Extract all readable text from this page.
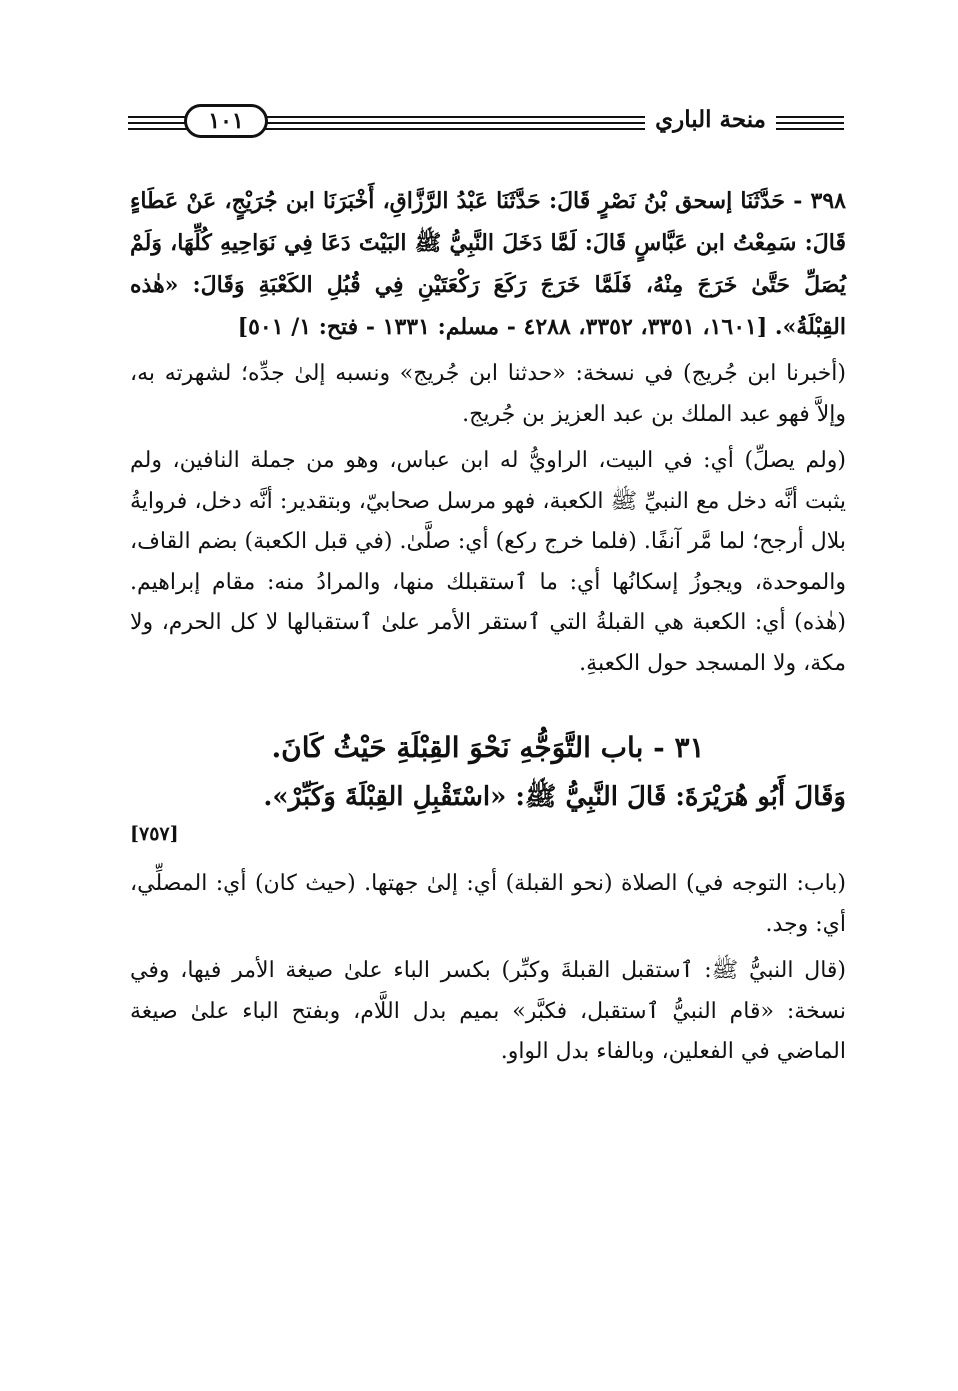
١٠١	منحة الباري

٣٩٨ - حَدَّثَنَا إسحق بْنُ نَصْرٍ قَالَ: حَدَّثَنَا عَبْدُ الرَّزَّاقِ، أَخْبَرَنَا ابن جُرَيْجٍ، عَنْ عَطَاءٍ قَالَ: سَمِعْتُ ابن عَبَّاسٍ قَالَ: لَمَّا دَخَلَ النَّبِيُّ ﷺ البَيْتَ دَعَا فِي نَوَاحِيهِ كُلِّهَا، وَلَمْ يُصَلِّ حَتَّىٰ خَرَجَ مِنْهُ، فَلَمَّا خَرَجَ رَكَعَ رَكْعَتَيْنِ فِي قُبُلِ الكَعْبَةِ وَقَالَ: «هٰذه القِبْلَةُ». [١٦٠١، ٣٣٥١، ٣٣٥٢، ٤٢٨٨ - مسلم: ١٣٣١ - فتح: ١/ ٥٠١]

(أخبرنا ابن جُريج) في نسخة: «حدثنا ابن جُريج» ونسبه إلىٰ جدِّه؛ لشهرته به، وإلاَّ فهو عبد الملك بن عبد العزيز بن جُريج.

(ولم يصلِّ) أي: في البيت، الراويُّ له ابن عباس، وهو من جملة النافين، ولم يثبت أنَّه دخل مع النبيِّ ﷺ الكعبة، فهو مرسل صحابيّ، وبتقدير: أنَّه دخل، فروايةُ بلال أرجح؛ لما مَّر آنفًا. (فلما خرج ركع) أي: صلَّىٰ. (في قبل الكعبة) بضم القاف، والموحدة، ويجوزُ إسكانُها أي: ما ٱستقبلك منها، والمرادُ منه: مقام إبراهيم. (هٰذه) أي: الكعبة هي القبلةُ التي ٱستقر الأمر علىٰ ٱستقبالها لا كل الحرم، ولا مكة، ولا المسجد حول الكعبةِ.

٣١ - باب التَّوَجُّهِ نَحْوَ القِبْلَةِ حَيْثُ كَانَ.
وَقَالَ أَبُو هُرَيْرَةَ: قَالَ النَّبِيُّ ﷺ: «اسْتَقْبِلِ القِبْلَةَ وَكَبِّرْ».
[٧٥٧]

(باب: التوجه في) الصلاة (نحو القبلة) أي: إلىٰ جهتها. (حيث كان) أي: المصلِّي، أي: وجد.

(قال النبيُّ ﷺ: ٱستقبل القبلةَ وكبِّر) بكسر الباء علىٰ صيغة الأمر فيها، وفي نسخة: «قام النبيُّ ٱستقبل، فكبَّر» بميم بدل اللَّام، وبفتح الباء علىٰ صيغة الماضي في الفعلين، وبالفاء بدل الواو.
